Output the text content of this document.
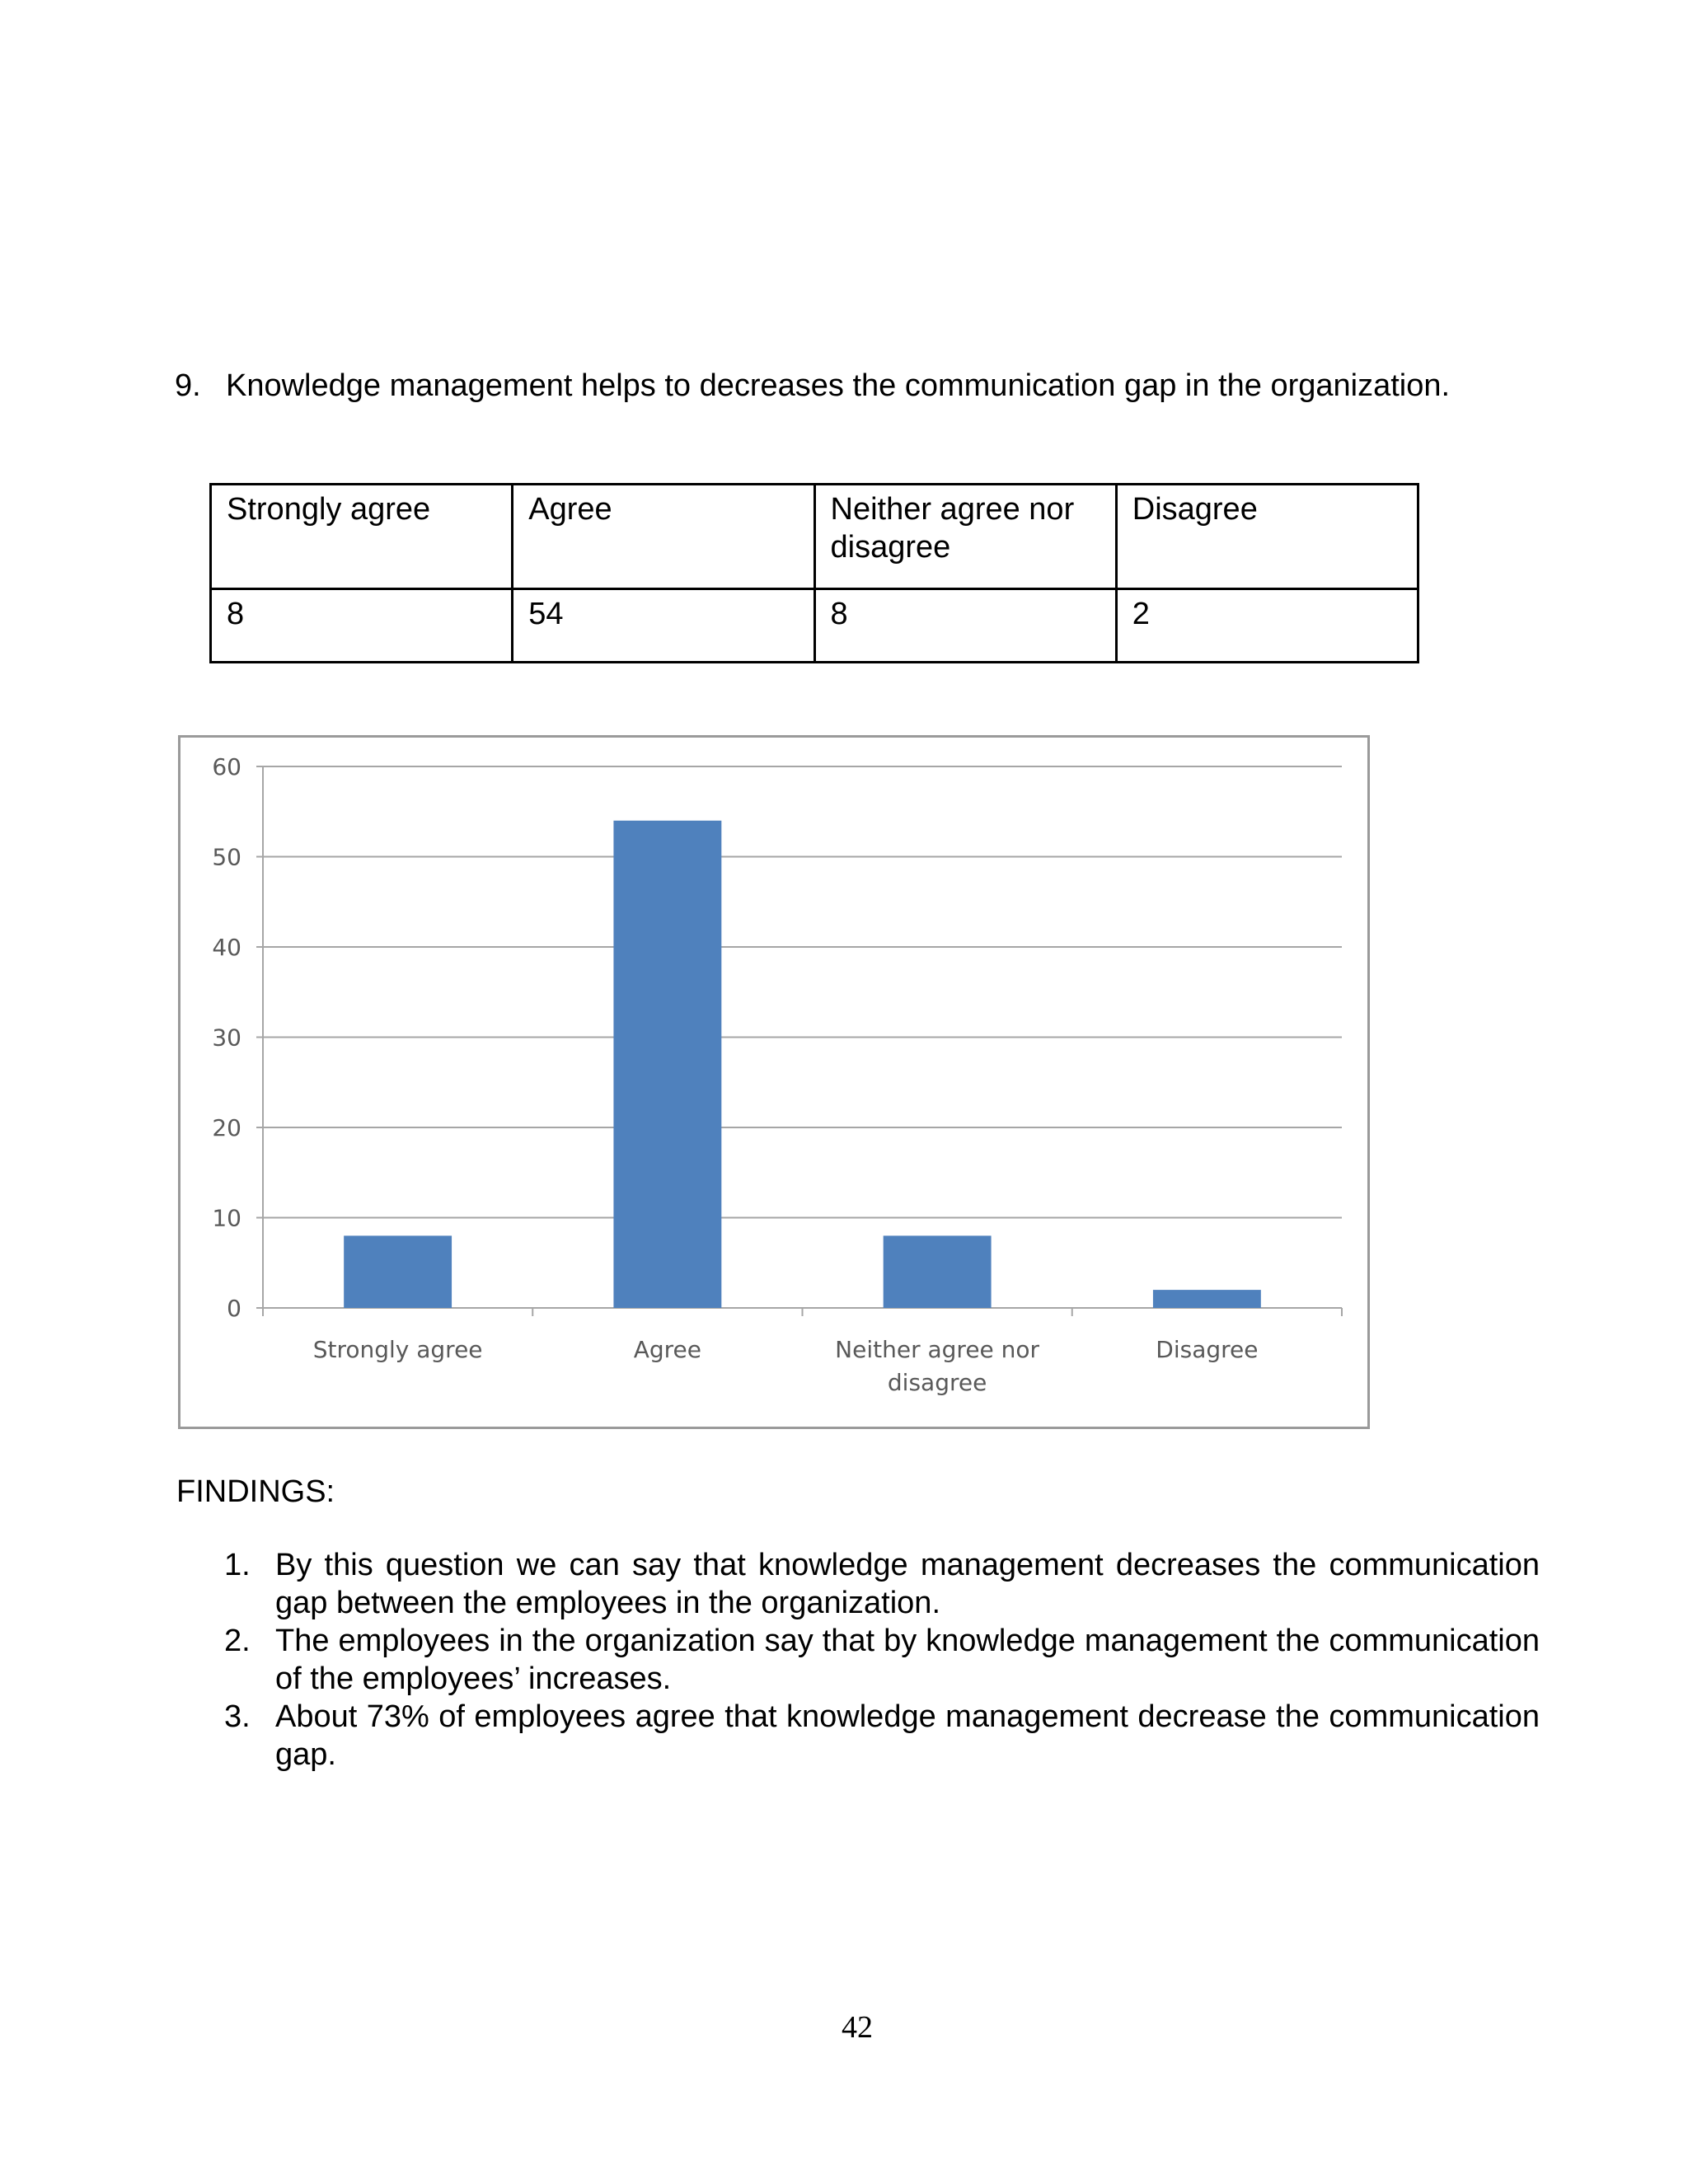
9. Knowledge management helps to decreases the communication gap in the organization.
Strongly agree	Agree	Neither agree nor disagree	Disagree
8	54	8	2
0
10
20
30
40
50
60
Strongly agree	Agree	Neither agree nor disagree
Disagree
FINDINGS:
1. By this question we can say that knowledge management decreases the communication gap between the employees in the organization.
2. The employees in the organization say that by knowledge management the communication of the employees’ increases.
3. About 73% of employees agree that knowledge management decrease the communication gap.
42
